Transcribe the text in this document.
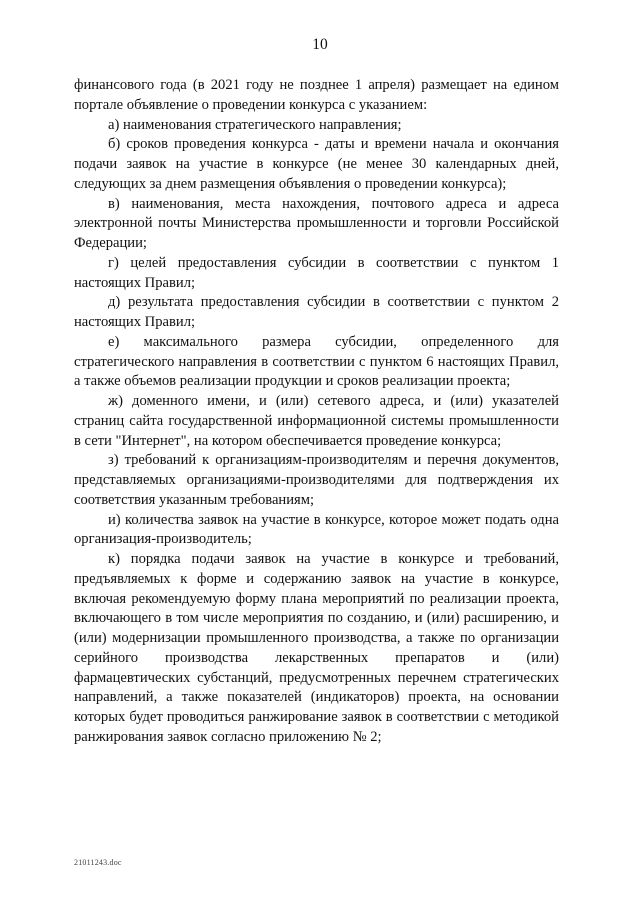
10

финансового года (в 2021 году не позднее 1 апреля) размещает на едином портале объявление о проведении конкурса с указанием:

а) наименования стратегического направления;

б) сроков проведения конкурса - даты и времени начала и окончания подачи заявок на участие в конкурсе (не менее 30 календарных дней, следующих за днем размещения объявления о проведении конкурса);

в) наименования, места нахождения, почтового адреса и адреса электронной почты Министерства промышленности и торговли Российской Федерации;

г) целей предоставления субсидии в соответствии с пунктом 1 настоящих Правил;

д) результата предоставления субсидии в соответствии с пунктом 2 настоящих Правил;

е) максимального размера субсидии, определенного для стратегического направления в соответствии с пунктом 6 настоящих Правил, а также объемов реализации продукции и сроков реализации проекта;

ж) доменного имени, и (или) сетевого адреса, и (или) указателей страниц сайта государственной информационной системы промышленности в сети "Интернет", на котором обеспечивается проведение конкурса;

з) требований к организациям-производителям и перечня документов, представляемых организациями-производителями для подтверждения их соответствия указанным требованиям;

и) количества заявок на участие в конкурсе, которое может подать одна организация-производитель;

к) порядка подачи заявок на участие в конкурсе и требований, предъявляемых к форме и содержанию заявок на участие в конкурсе, включая рекомендуемую форму плана мероприятий по реализации проекта, включающего в том числе мероприятия по созданию, и (или) расширению, и (или) модернизации промышленного производства, а также по организации серийного производства лекарственных препаратов и (или) фармацевтических субстанций, предусмотренных перечнем стратегических направлений, а также показателей (индикаторов) проекта, на основании которых будет проводиться ранжирование заявок в соответствии с методикой ранжирования заявок согласно приложению № 2;

21011243.doc
